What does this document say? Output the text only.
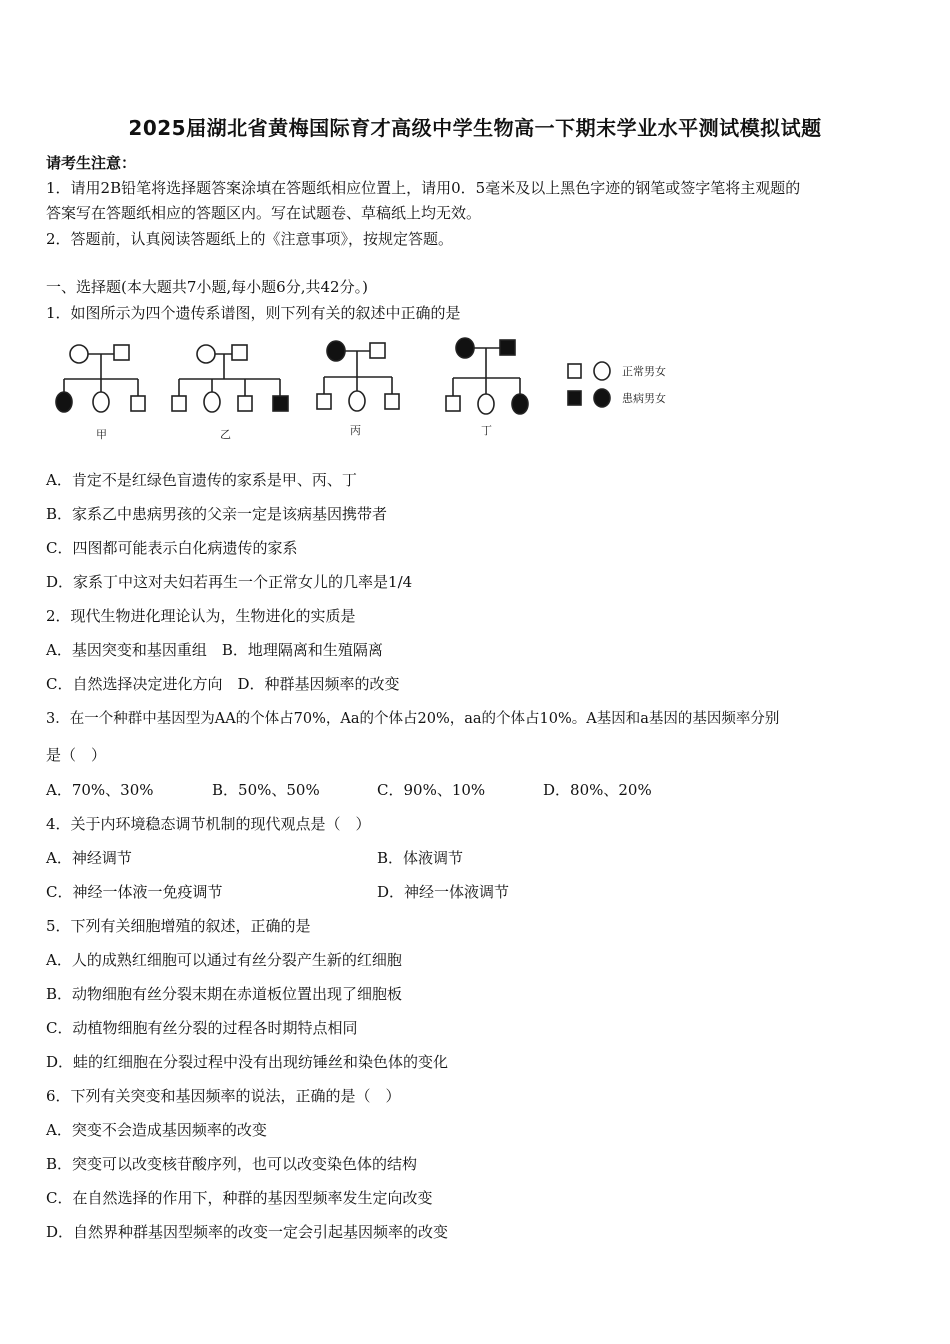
2025届湖北省黄梅国际育才高级中学生物高一下期末学业水平测试模拟试题
请考生注意：
1．请用2B铅笔将选择题答案涂填在答题纸相应位置上，请用0．5毫米及以上黑色字迹的钢笔或签字笔将主观题的
答案写在答题纸相应的答题区内。写在试题卷、草稿纸上均无效。
2．答题前，认真阅读答题纸上的《注意事项》，按规定答题。
一、选择题(本大题共7小题,每小题6分,共42分。)
1．如图所示为四个遗传系谱图，则下列有关的叙述中正确的是
甲	乙	丙	丁
正常男女
患病男女
A．肯定不是红绿色盲遗传的家系是甲、丙、丁
B．家系乙中患病男孩的父亲一定是该病基因携带者
C．四图都可能表示白化病遗传的家系
D．家系丁中这对夫妇若再生一个正常女儿的几率是1/4
2．现代生物进化理论认为，生物进化的实质是
A．基因突变和基因重组　B．地理隔离和生殖隔离
C．自然选择决定进化方向　D．种群基因频率的改变
3．在一个种群中基因型为AA的个体占70%，Aa的个体占20%，aa的个体占10%。A基因和a基因的基因频率分别
是（　）
A．70%、30%	B．50%、50%	C．90%、10%	D．80%、20%
4．关于内环境稳态调节机制的现代观点是（　）
A．神经调节	B．体液调节
C．神经一体液一免疫调节	D．神经一体液调节
5．下列有关细胞增殖的叙述，正确的是
A．人的成熟红细胞可以通过有丝分裂产生新的红细胞
B．动物细胞有丝分裂末期在赤道板位置出现了细胞板
C．动植物细胞有丝分裂的过程各时期特点相同
D．蛙的红细胞在分裂过程中没有出现纺锤丝和染色体的变化
6．下列有关突变和基因频率的说法，正确的是（　）
A．突变不会造成基因频率的改变
B．突变可以改变核苷酸序列，也可以改变染色体的结构
C．在自然选择的作用下，种群的基因型频率发生定向改变
D．自然界种群基因型频率的改变一定会引起基因频率的改变
